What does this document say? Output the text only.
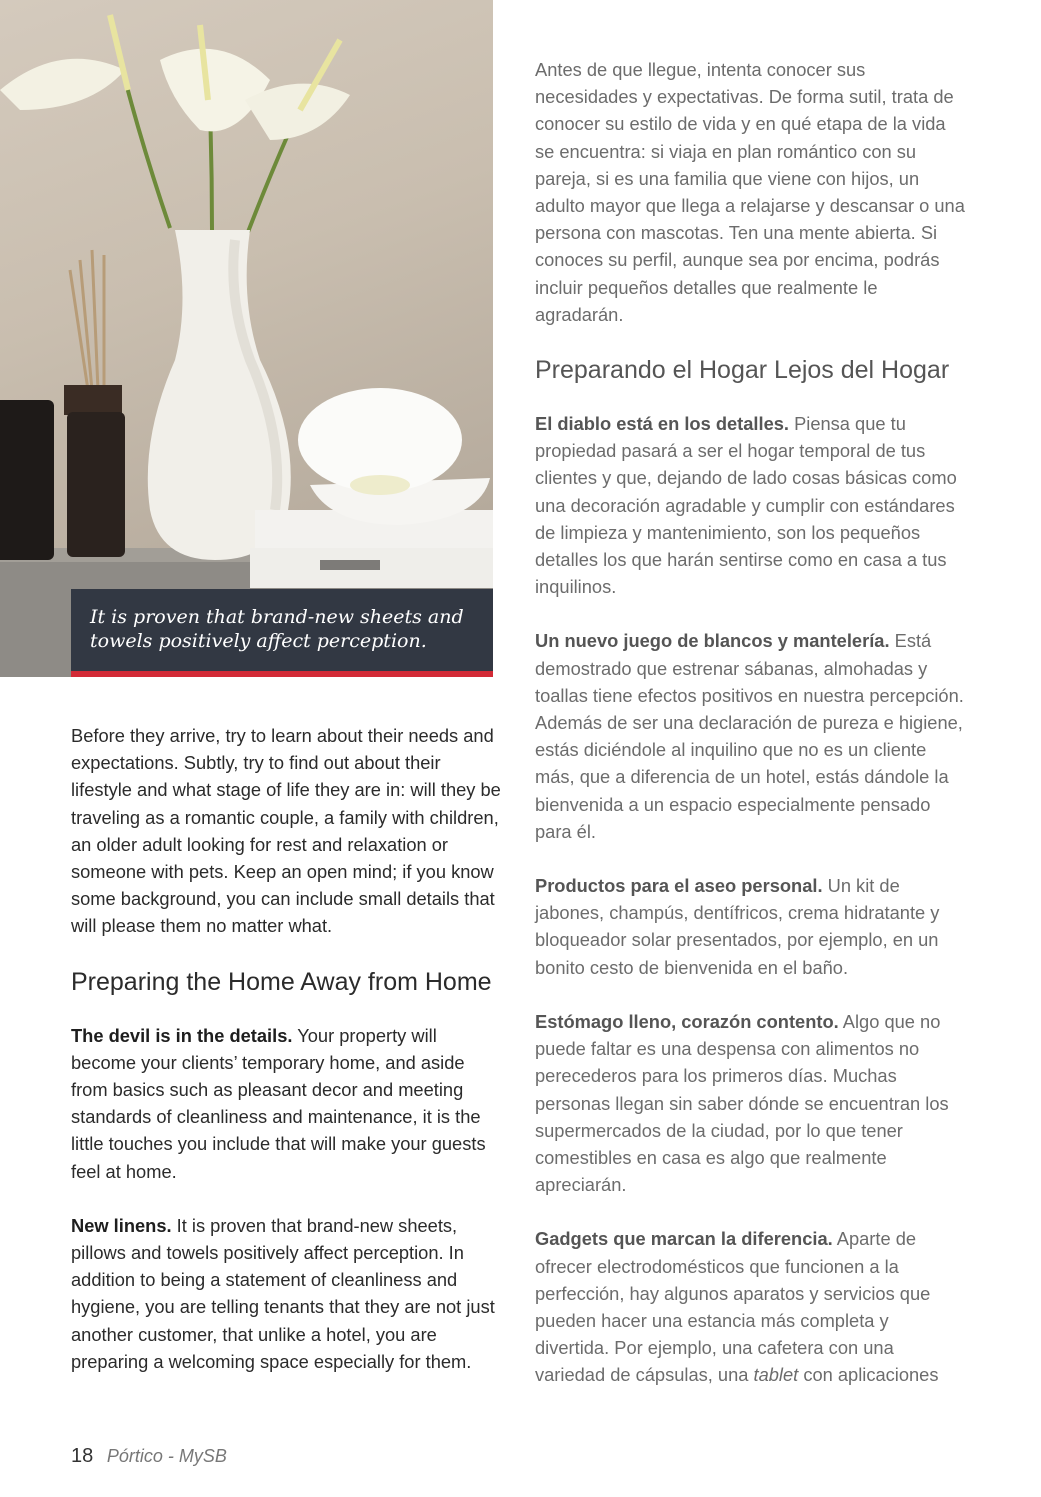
It is proven that brand-new sheets and towels positively affect perception.

Before they arrive, try to learn about their needs and expectations. Subtly, try to find out about their lifestyle and what stage of life they are in: will they be traveling as a romantic couple, a family with children, an older adult looking for rest and relaxation or someone with pets. Keep an open mind; if you know some background, you can include small details that will please them no matter what.

Preparing the Home Away from Home

The devil is in the details. Your property will become your clients’ temporary home, and aside from basics such as pleasant decor and meeting standards of cleanliness and maintenance, it is the little touches you include that will make your guests feel at home.

New linens. It is proven that brand-new sheets, pillows and towels positively affect perception. In addition to being a statement of cleanliness and hygiene, you are telling tenants that they are not just another customer, that unlike a hotel, you are preparing a welcoming space especially for them.

Antes de que llegue, intenta conocer sus necesidades y expectativas. De forma sutil, trata de conocer su estilo de vida y en qué etapa de la vida se encuentra: si viaja en plan romántico con su pareja, si es una familia que viene con hijos, un adulto mayor que llega a relajarse y descansar o una persona con mascotas. Ten una mente abierta. Si conoces su perfil, aunque sea por encima, podrás incluir pequeños detalles que realmente le agradarán.

Preparando el Hogar Lejos del Hogar

El diablo está en los detalles. Piensa que tu propiedad pasará a ser el hogar temporal de tus clientes y que, dejando de lado cosas básicas como una decoración agradable y cumplir con estándares de limpieza y mantenimiento, son los pequeños detalles los que harán sentirse como en casa a tus inquilinos.

Un nuevo juego de blancos y mantelería. Está demostrado que estrenar sábanas, almohadas y toallas tiene efectos positivos en nuestra percepción. Además de ser una declaración de pureza e higiene, estás diciéndole al inquilino que no es un cliente más, que a diferencia de un hotel, estás dándole la bienvenida a un espacio especialmente pensado para él.

Productos para el aseo personal. Un kit de jabones, champús, dentífricos, crema hidratante y bloqueador solar presentados, por ejemplo, en un bonito cesto de bienvenida en el baño.

Estómago lleno, corazón contento. Algo que no puede faltar es una despensa con alimentos no perecederos para los primeros días. Muchas personas llegan sin saber dónde se encuentran los supermercados de la ciudad, por lo que tener comestibles en casa es algo que realmente apreciarán.

Gadgets que marcan la diferencia. Aparte de ofrecer electrodomésticos que funcionen a la perfección, hay algunos aparatos y servicios que pueden hacer una estancia más completa y divertida. Por ejemplo, una cafetera con una variedad de cápsulas, una tablet con aplicaciones

18 Pórtico - MySB
